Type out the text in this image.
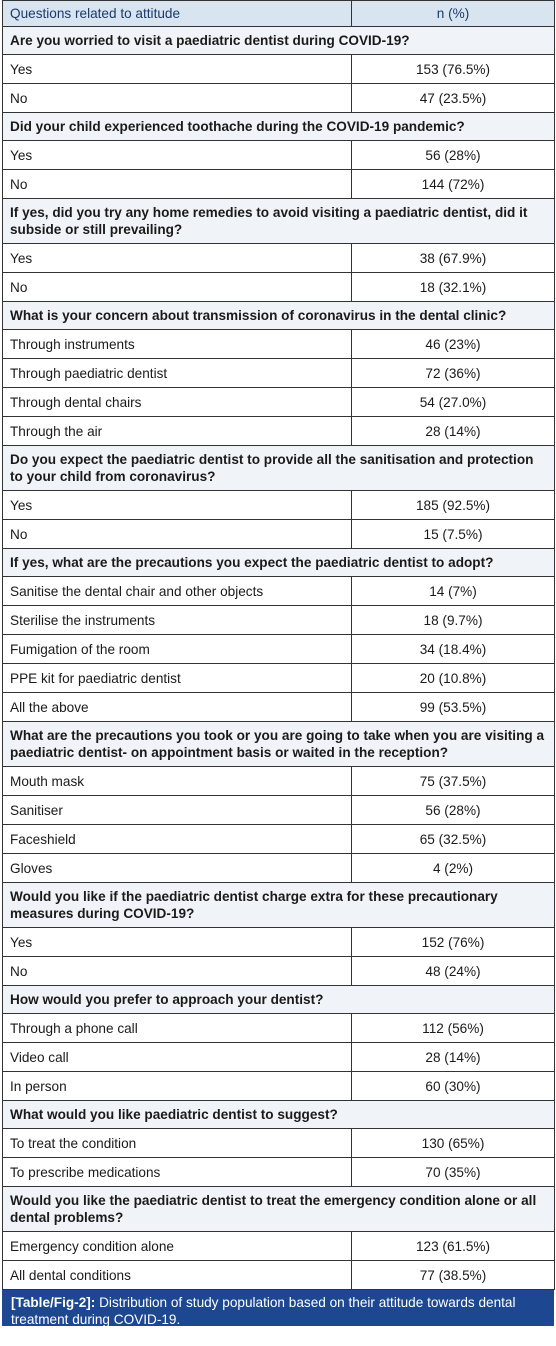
Questions related to attitude	n (%)
Are you worried to visit a paediatric dentist during COVID-19?	
Yes	153 (76.5%)
No	47 (23.5%)
Did your child experienced toothache during the COVID-19 pandemic?	
Yes	56 (28%)
No	144 (72%)
If yes, did you try any home remedies to avoid visiting a paediatric dentist, did it subside or still prevailing?	
Yes	38 (67.9%)
No	18 (32.1%)
What is your concern about transmission of coronavirus in the dental clinic?	
Through instruments	46 (23%)
Through paediatric dentist	72 (36%)
Through dental chairs	54 (27.0%)
Through the air	28 (14%)
Do you expect the paediatric dentist to provide all the sanitisation and protection to your child from coronavirus?	
Yes	185 (92.5%)
No	15 (7.5%)
If yes, what are the precautions you expect the paediatric dentist to adopt?	
Sanitise the dental chair and other objects	14 (7%)
Sterilise the instruments	18 (9.7%)
Fumigation of the room	34 (18.4%)
PPE kit for paediatric dentist	20 (10.8%)
All the above	99 (53.5%)
What are the precautions you took or you are going to take when you are visiting a paediatric dentist- on appointment basis or waited in the reception?	
Mouth mask	75 (37.5%)
Sanitiser	56 (28%)
Faceshield	65 (32.5%)
Gloves	4 (2%)
Would you like if the paediatric dentist charge extra for these precautionary measures during COVID-19?	
Yes	152 (76%)
No	48 (24%)
How would you prefer to approach your dentist?	
Through a phone call	112 (56%)
Video call	28 (14%)
In person	60 (30%)
What would you like paediatric dentist to suggest?	
To treat the condition	130 (65%)
To prescribe medications	70 (35%)
Would you like the paediatric dentist to treat the emergency condition alone or all dental problems?	
Emergency condition alone	123 (61.5%)
All dental conditions	77 (38.5%)
[Table/Fig-2]: Distribution of study population based on their attitude towards dental treatment during COVID-19.
